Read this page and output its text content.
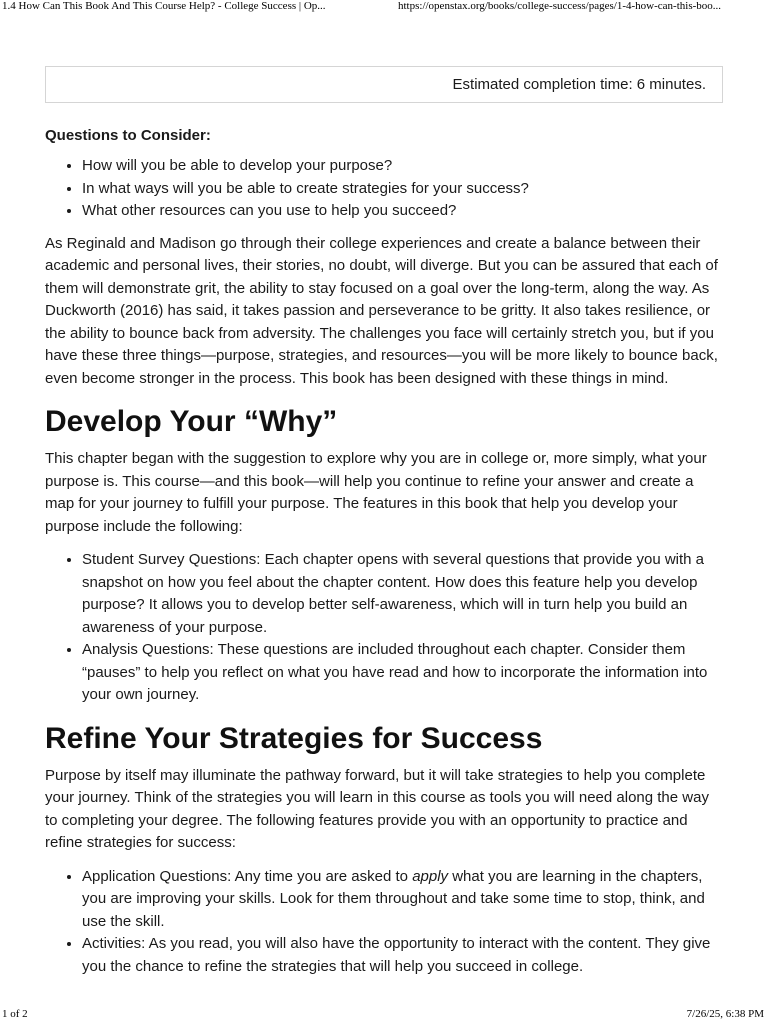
1.4 How Can This Book And This Course Help? - College Success | Op...	https://openstax.org/books/college-success/pages/1-4-how-can-this-boo...
Estimated completion time: 6 minutes.
Questions to Consider:
• How will you be able to develop your purpose?
• In what ways will you be able to create strategies for your success?
• What other resources can you use to help you succeed?

As Reginald and Madison go through their college experiences and create a balance between their academic and personal lives, their stories, no doubt, will diverge. But you can be assured that each of them will demonstrate grit, the ability to stay focused on a goal over the long-term, along the way. As Duckworth (2016) has said, it takes passion and perseverance to be gritty. It also takes resilience, or the ability to bounce back from adversity. The challenges you face will certainly stretch you, but if you have these three things—purpose, strategies, and resources—you will be more likely to bounce back, even become stronger in the process. This book has been designed with these things in mind.

Develop Your “Why”

This chapter began with the suggestion to explore why you are in college or, more simply, what your purpose is. This course—and this book—will help you continue to refine your answer and create a map for your journey to fulfill your purpose. The features in this book that help you develop your purpose include the following:

• Student Survey Questions: Each chapter opens with several questions that provide you with a snapshot on how you feel about the chapter content. How does this feature help you develop purpose? It allows you to develop better self-awareness, which will in turn help you build an awareness of your purpose.
• Analysis Questions: These questions are included throughout each chapter. Consider them “pauses” to help you reflect on what you have read and how to incorporate the information into your own journey.
Refine Your Strategies for Success

Purpose by itself may illuminate the pathway forward, but it will take strategies to help you complete your journey. Think of the strategies you will learn in this course as tools you will need along the way to completing your degree. The following features provide you with an opportunity to practice and refine strategies for success:

• Application Questions: Any time you are asked to apply what you are learning in the chapters, you are improving your skills. Look for them throughout and take some time to stop, think, and use the skill.
• Activities: As you read, you will also have the opportunity to interact with the content. They give you the chance to refine the strategies that will help you succeed in college.
1 of 2	7/26/25, 6:38 PM
